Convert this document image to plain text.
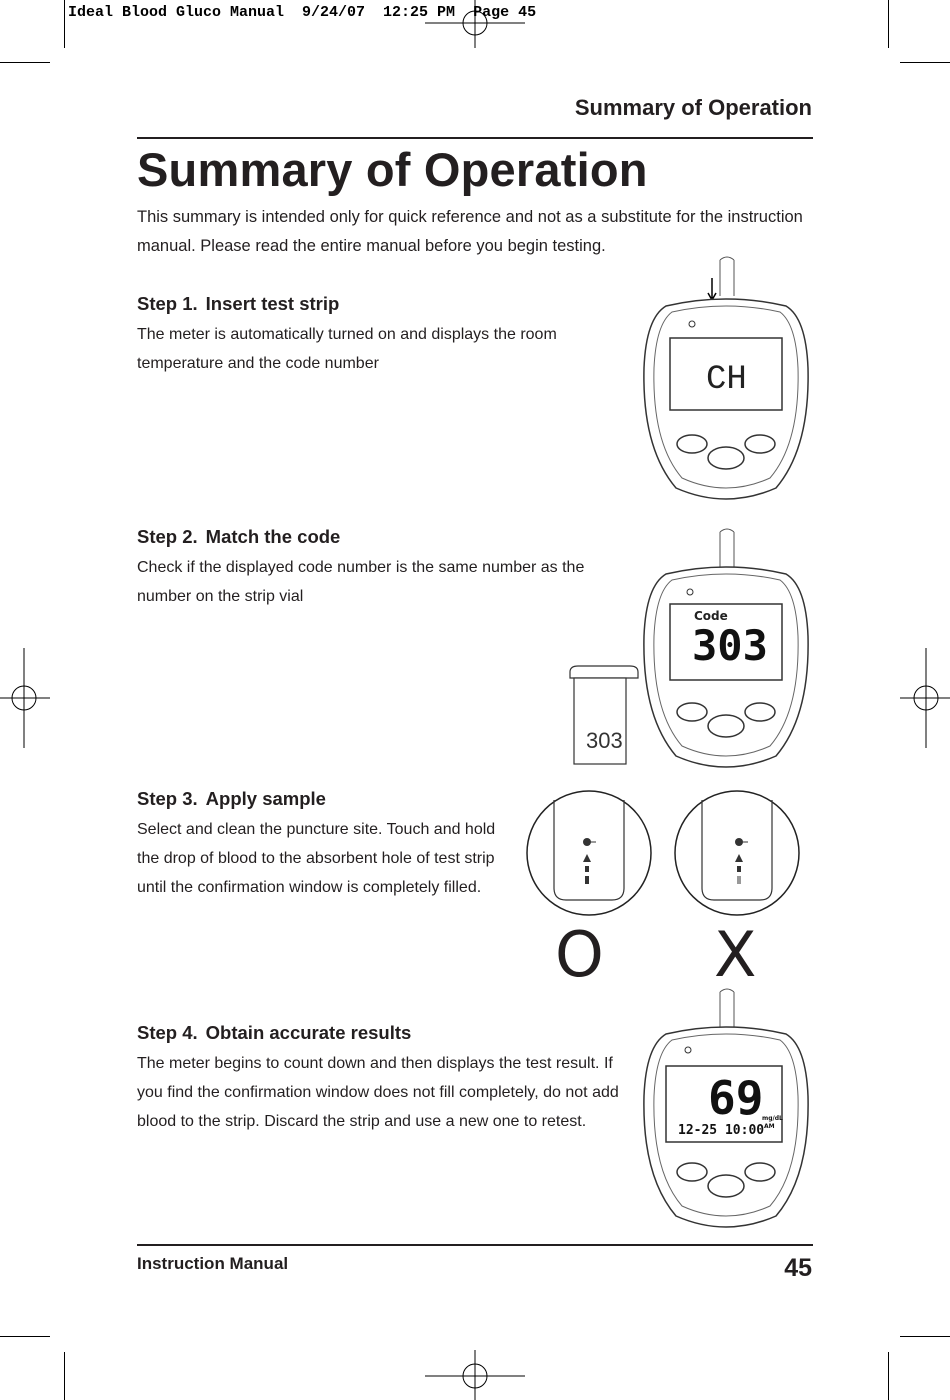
Ideal Blood Gluco Manual  9/24/07  12:25 PM  Page 45
Summary of Operation
Summary of Operation
This summary is intended only for quick reference and not as a substitute for the instruction manual. Please read the entire manual before you begin testing.
Step 1. Insert test strip
The meter is automatically turned on and displays the room temperature and the code number	CH
Step 2. Match the code
Check if the displayed code number is the same number as the number on the strip vial
303
Code
303
Step 3. Apply sample
Select and clean the puncture site. Touch and hold the drop of blood to the absorbent hole of test strip until the confirmation window is completely filled.
O X
Step 4. Obtain accurate results
The meter begins to count down and then displays the test result. If you find the confirmation window does not fill completely, do not add blood to the strip. Discard the strip and use a new one to retest.	69
mg/dL
12-25 10:00 AM
Instruction Manual	45
